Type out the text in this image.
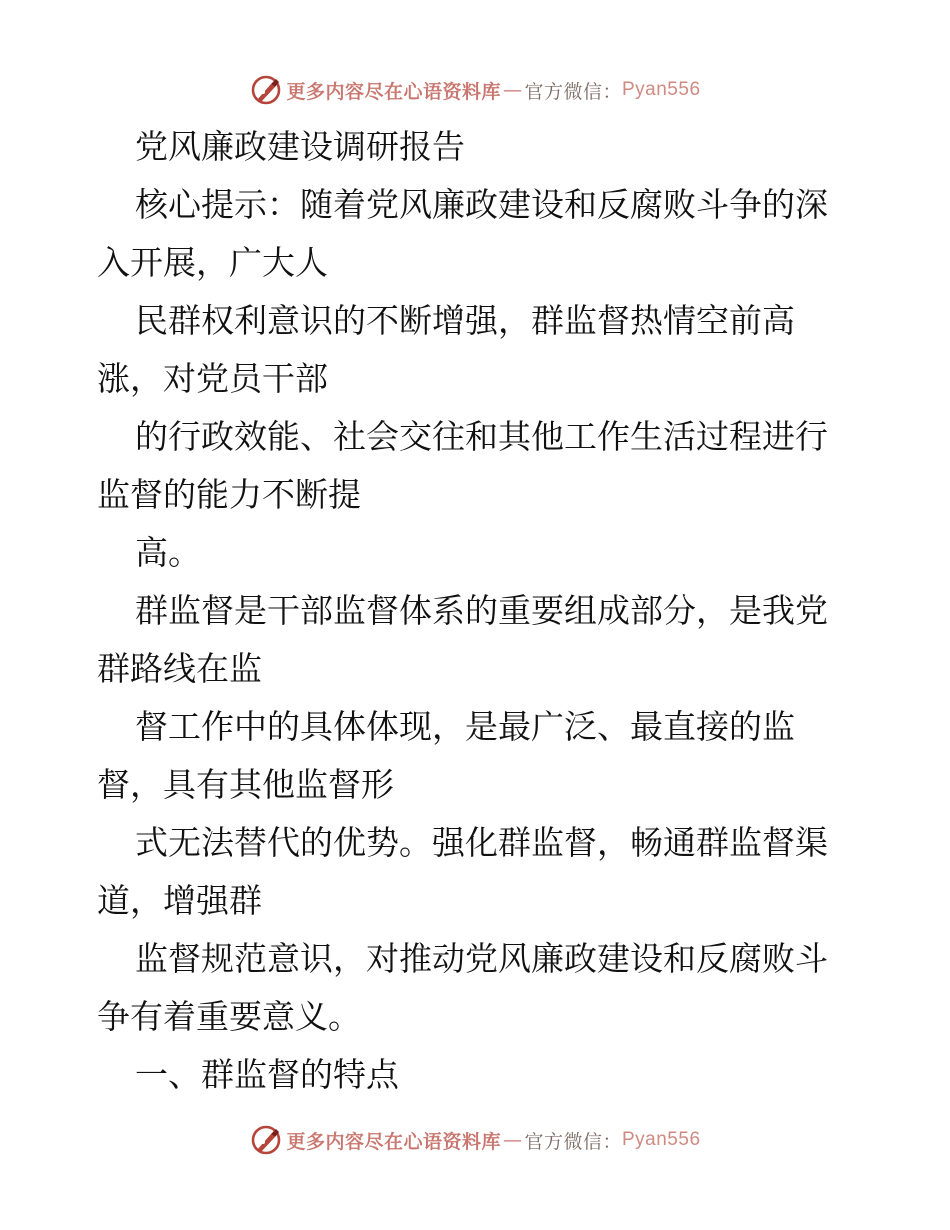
更多内容尽在心语资料库 — 官方微信： Pyan556
党风廉政建设调研报告
核心提示：随着党风廉政建设和反腐败斗争的深
入开展，广大人
民群权利意识的不断增强，群监督热情空前高
涨，对党员干部
的行政效能、社会交往和其他工作生活过程进行
监督的能力不断提
高。
群监督是干部监督体系的重要组成部分，是我党
群路线在监
督工作中的具体体现，是最广泛、最直接的监
督，具有其他监督形
式无法替代的优势。强化群监督，畅通群监督渠
道，增强群
监督规范意识，对推动党风廉政建设和反腐败斗
争有着重要意义。
一、群监督的特点
更多内容尽在心语资料库 — 官方微信： Pyan556
